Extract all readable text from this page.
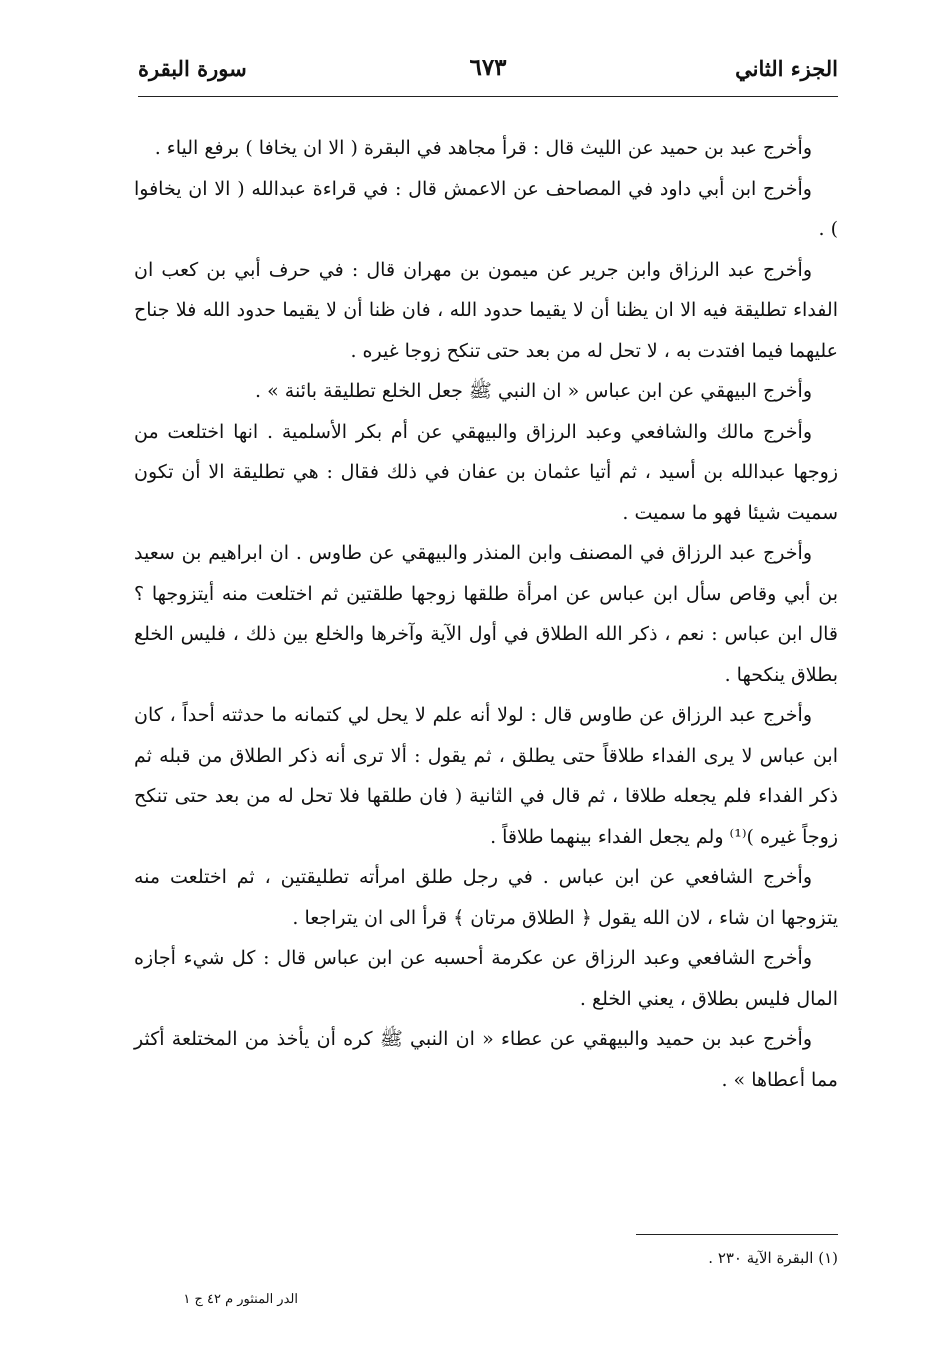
الجزء الثاني
٦٧٣
سورة البقرة

وأخرج عبد بن حميد عن الليث قال : قرأ مجاهد في البقرة ( الا ان يخافا ) برفع الياء .

وأخرج ابن أبي داود في المصاحف عن الاعمش قال : في قراءة عبدالله ( الا ان يخافوا ) .

وأخرج عبد الرزاق وابن جرير عن ميمون بن مهران قال : في حرف أبي بن كعب ان الفداء تطليقة فيه الا ان يظنا أن لا يقيما حدود الله ، فان ظنا أن لا يقيما حدود الله فلا جناح عليهما فيما افتدت به ، لا تحل له من بعد حتى تنكح زوجا غيره .

وأخرج البيهقي عن ابن عباس « ان النبي ﷺ جعل الخلع تطليقة بائنة » .

وأخرج مالك والشافعي وعبد الرزاق والبيهقي عن أم بكر الأسلمية . انها اختلعت من زوجها عبدالله بن أسيد ، ثم أتيا عثمان بن عفان في ذلك فقال : هي تطليقة الا أن تكون سميت شيئا فهو ما سميت .

وأخرج عبد الرزاق في المصنف وابن المنذر والبيهقي عن طاوس . ان ابراهيم بن سعيد بن أبي وقاص سأل ابن عباس عن امرأة طلقها زوجها طلقتين ثم اختلعت منه أيتزوجها ؟ قال ابن عباس : نعم ، ذكر الله الطلاق في أول الآية وآخرها والخلع بين ذلك ، فليس الخلع بطلاق ينكحها .

وأخرج عبد الرزاق عن طاوس قال : لولا أنه علم لا يحل لي كتمانه ما حدثته أحداً ، كان ابن عباس لا يرى الفداء طلاقاً حتى يطلق ، ثم يقول : ألا ترى أنه ذكر الطلاق من قبله ثم ذكر الفداء فلم يجعله طلاقا ، ثم قال في الثانية ( فان طلقها فلا تحل له من بعد حتى تنكح زوجاً غيره )⁽¹⁾ ولم يجعل الفداء بينهما طلاقاً .

وأخرج الشافعي عن ابن عباس . في رجل طلق امرأته تطليقتين ، ثم اختلعت منه يتزوجها ان شاء ، لان الله يقول ﴿ الطلاق مرتان ﴾ قرأ الى ان يتراجعا .

وأخرج الشافعي وعبد الرزاق عن عكرمة أحسبه عن ابن عباس قال : كل شيء أجازه المال فليس بطلاق ، يعني الخلع .

وأخرج عبد بن حميد والبيهقي عن عطاء « ان النبي ﷺ كره أن يأخذ من المختلعة أكثر مما أعطاها » .

(١) البقرة الآية ٢٣٠ .
الدر المنثور م ٤٢ ج ١
